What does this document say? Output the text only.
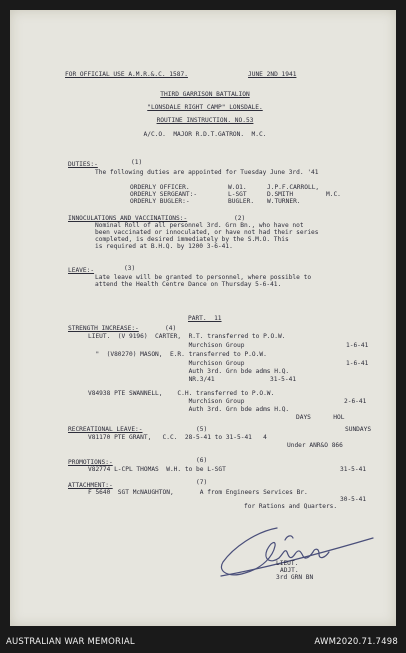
FOR OFFICIAL USE A.M.R.&.C. 1587.	JUNE 2ND 1941
THIRD GARRISON BATTALION
"LONSDALE RIGHT CAMP" LONSDALE.
ROUTINE INSTRUCTION. NO.53
A/C.O.  MAJOR R.D.T.GATRON.  M.C.
DUTIES:-	(1)
The following duties are appointed for Tuesday June 3rd. '41
ORDERLY OFFICER.	W.O1.	J.P.F.CARROLL,
ORDERLY SERGEANT:-	L-SGT	D.SMITH	M.C.
ORDERLY BUGLER:-	BUGLER. W.TURNER.
INNOCULATIONS AND VACCINATIONS:-	(2)
Nominal Roll of all personnel 3rd. Grn Bn., who have not
been vaccinated or innoculated, or have not had their series
completed, is desired immediately by the S.M.O. This
is required at B.H.Q. by 1200 3-6-41.
LEAVE:-	(3)
Late leave will be granted to personnel, where possible to
attend the Health Centre Dance on Thursday 5-6-41.
PART.  11
STRENGTH INCREASE:-	(4)
LIEUT.  (V 9196)  CARTER,  R.T. transferred to P.O.W.
Murchison Group	1-6-41
"  (V80270) MASON,  E.R. transferred to P.O.W.
Murchison Group	1-6-41
Auth 3rd. Grn bde adms H.Q.
NR.3/41	31-5-41
V84938 PTE SWANNELL,    C.H. transferred to P.O.W.
Murchison Group	2-6-41
Auth 3rd. Grn bde adms H.Q.
DAYS      HOL
RECREATIONAL LEAVE:-	(5)	SUNDAYS
V81170 PTE GRANT,   C.C.  28-5-41 to 31-5-41   4
Under ANR&O 866
PROMOTIONS:-	(6)
V82774 L-CPL THOMAS  W.H. to be L-SGT	31-5-41
ATTACHMENT:-	(7)
F 5640  SGT McNAUGHTON,       A from Engineers Services Br.
30-5-41
for Rations and Quarters.
LIEUT.
ADJT.
3rd GRN BN
AUSTRALIAN WAR MEMORIAL	AWM2020.71.7498
